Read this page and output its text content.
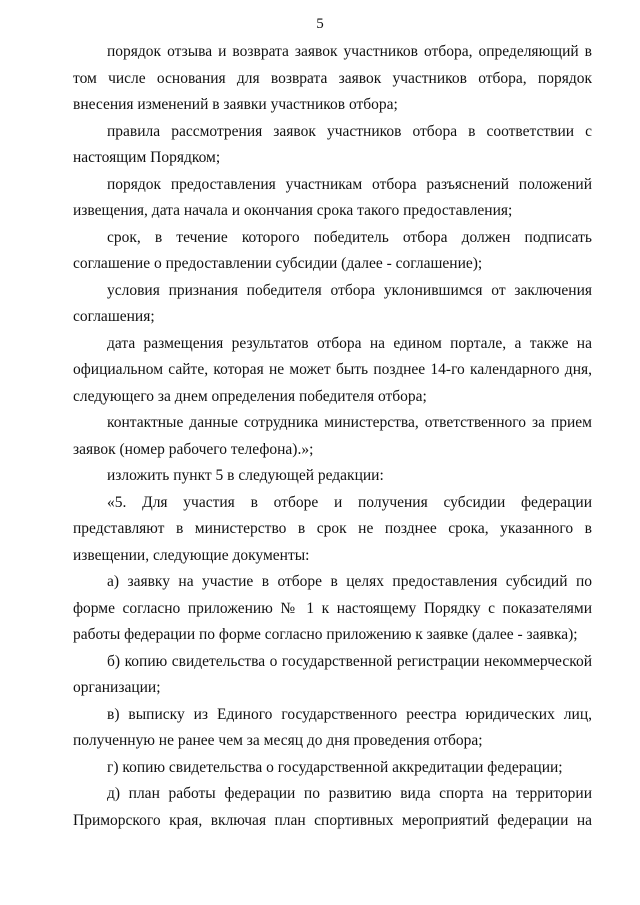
5

порядок отзыва и возврата заявок участников отбора, определяющий в том числе основания для возврата заявок участников отбора, порядок внесения изменений в заявки участников отбора;

правила рассмотрения заявок участников отбора в соответствии с настоящим Порядком;

порядок предоставления участникам отбора разъяснений положений извещения, дата начала и окончания срока такого предоставления;

срок, в течение которого победитель отбора должен подписать соглашение о предоставлении субсидии (далее - соглашение);

условия признания победителя отбора уклонившимся от заключения соглашения;

дата размещения результатов отбора на едином портале, а также на официальном сайте, которая не может быть позднее 14-го календарного дня, следующего за днем определения победителя отбора;

контактные данные сотрудника министерства, ответственного за прием заявок (номер рабочего телефона).»;

изложить пункт 5 в следующей редакции:

«5. Для участия в отборе и получения субсидии федерации представляют в министерство в срок не позднее срока, указанного в извещении, следующие документы:

а) заявку на участие в отборе в целях предоставления субсидий по форме согласно приложению № 1 к настоящему Порядку с показателями работы федерации по форме согласно приложению к заявке (далее - заявка);

б) копию свидетельства о государственной регистрации некоммерческой организации;

в) выписку из Единого государственного реестра юридических лиц, полученную не ранее чем за месяц до дня проведения отбора;

г) копию свидетельства о государственной аккредитации федерации;

д) план работы федерации по развитию вида спорта на территории Приморского края, включая план спортивных мероприятий федерации на
